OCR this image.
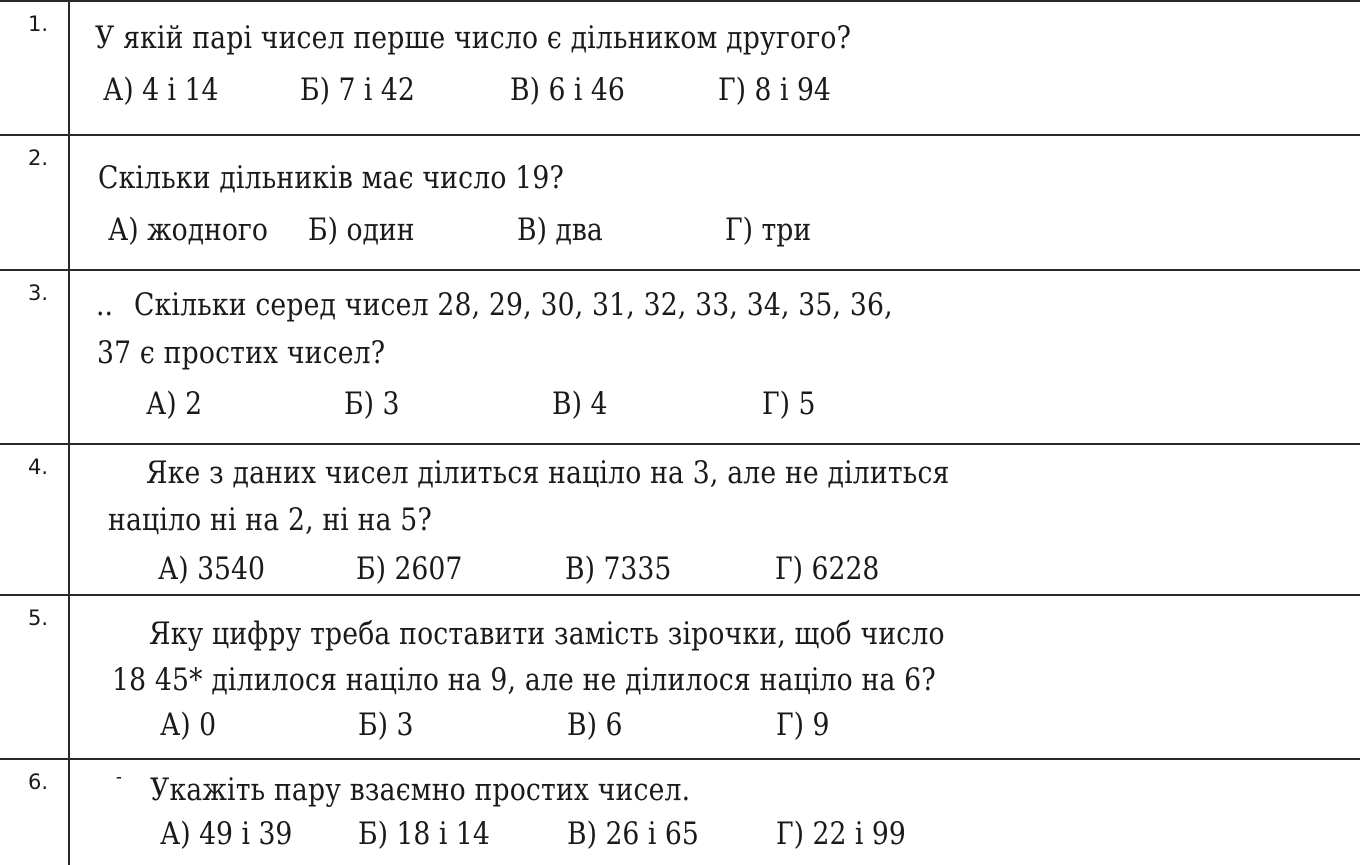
1. У якій парі чисел перше число є дільником другого?
А) 4 і 14	Б) 7 і 42	В) 6 і 46	Г) 8 і 94
2.
Скільки дільників має число 19?
А) жодного Б) один	В) два	Г) три
3. .. Скільки серед чисел 28, 29, 30, 31, 32, 33, 34, 35, 36,
37 є простих чисел?
А) 2	Б) 3	В) 4	Г) 5
4.	Яке з даних чисел ділиться націло на 3, але не ділиться
націло ні на 2, ні на 5?
А) 3540	Б) 2607	В) 7335	Г) 6228
5.	Яку цифру треба поставити замість зірочки, щоб число
18 45* ділилося націло на 9, але не ділилося націло на 6?
А) 0	Б) 3	В) 6	Г) 9
6.	- Укажіть пару взаємно простих чисел.
А) 49 і 39 Б) 18 і 14 В) 26 і 65 Г) 22 і 99
